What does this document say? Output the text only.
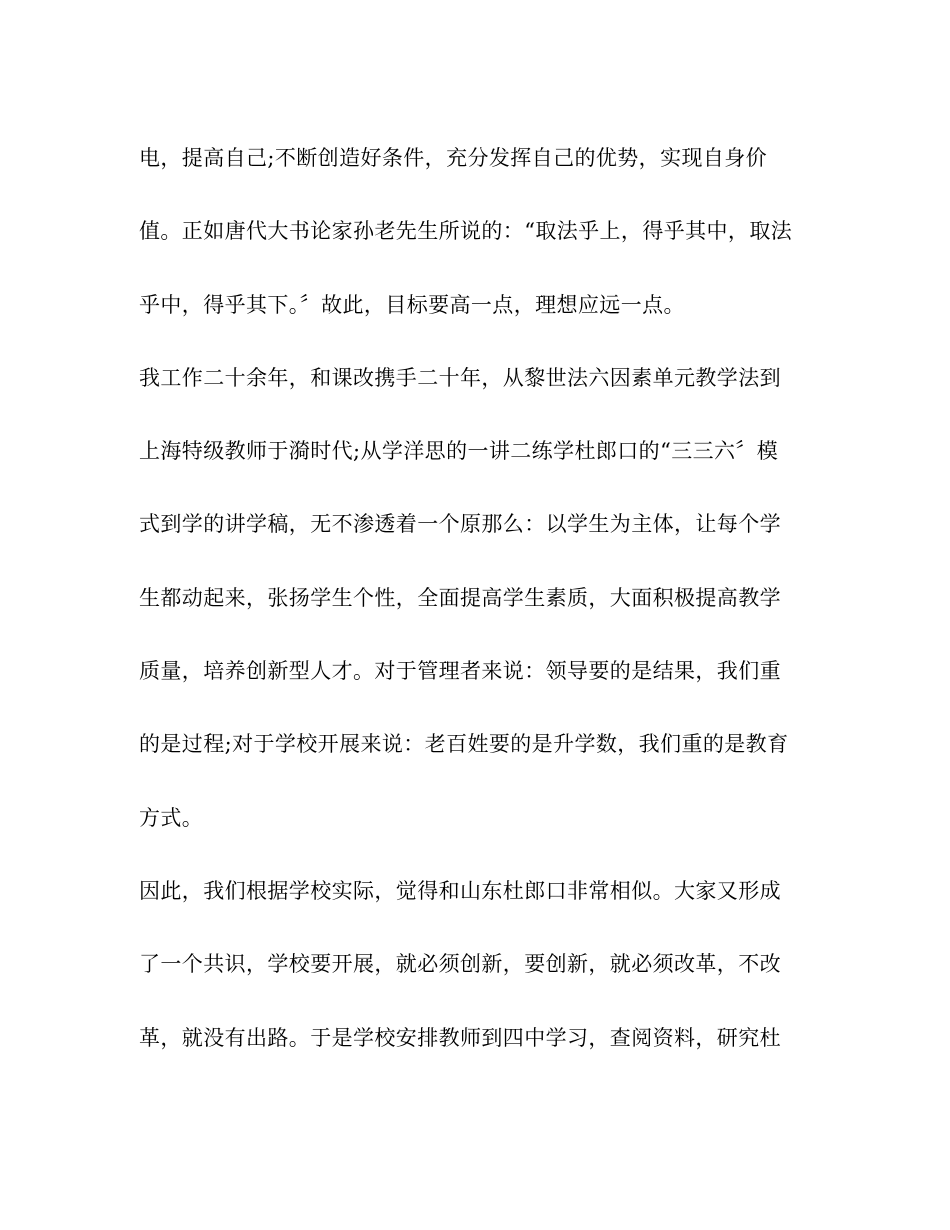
电，提高自己;不断创造好条件，充分发挥自己的优势，实现自身价
值。正如唐代大书论家孙老先生所说的：“取法乎上，得乎其中，取法
乎中，得乎其下。〞故此，目标要高一点，理想应远一点。
我工作二十余年，和课改携手二十年，从黎世法六因素单元教学法到
上海特级教师于漪时代;从学洋思的一讲二练学杜郎口的“三三六〞模
式到学的讲学稿，无不渗透着一个原那么：以学生为主体，让每个学
生都动起来，张扬学生个性，全面提高学生素质，大面积极提高教学
质量，培养创新型人才。对于管理者来说：领导要的是结果，我们重
的是过程;对于学校开展来说：老百姓要的是升学数，我们重的是教育
方式。
因此，我们根据学校实际，觉得和山东杜郎口非常相似。大家又形成
了一个共识，学校要开展，就必须创新，要创新，就必须改革，不改
革，就没有出路。于是学校安排教师到四中学习，查阅资料，研究杜
